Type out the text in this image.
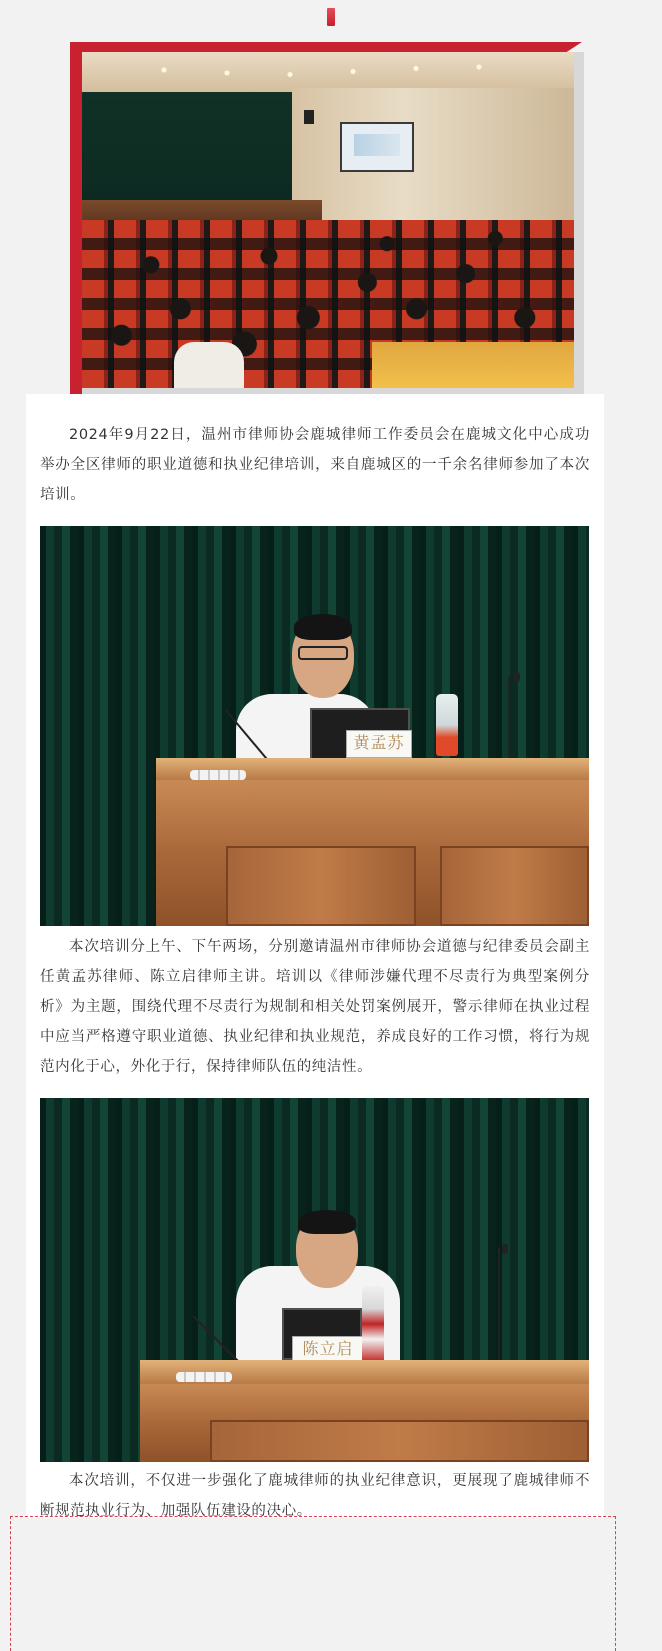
2024年9月22日，温州市律师协会鹿城律师工作委员会在鹿城文化中心成功举办全区律师的职业道德和执业纪律培训，来自鹿城区的一千余名律师参加了本次培训。

黄孟苏

本次培训分上午、下午两场，分别邀请温州市律师协会道德与纪律委员会副主任黄孟苏律师、陈立启律师主讲。培训以《律师涉嫌代理不尽责行为典型案例分析》为主题，围绕代理不尽责行为规制和相关处罚案例展开，警示律师在执业过程中应当严格遵守职业道德、执业纪律和执业规范，养成良好的工作习惯，将行为规范内化于心，外化于行，保持律师队伍的纯洁性。

陈立启

本次培训，不仅进一步强化了鹿城律师的执业纪律意识，更展现了鹿城律师不断规范执业行为、加强队伍建设的决心。
